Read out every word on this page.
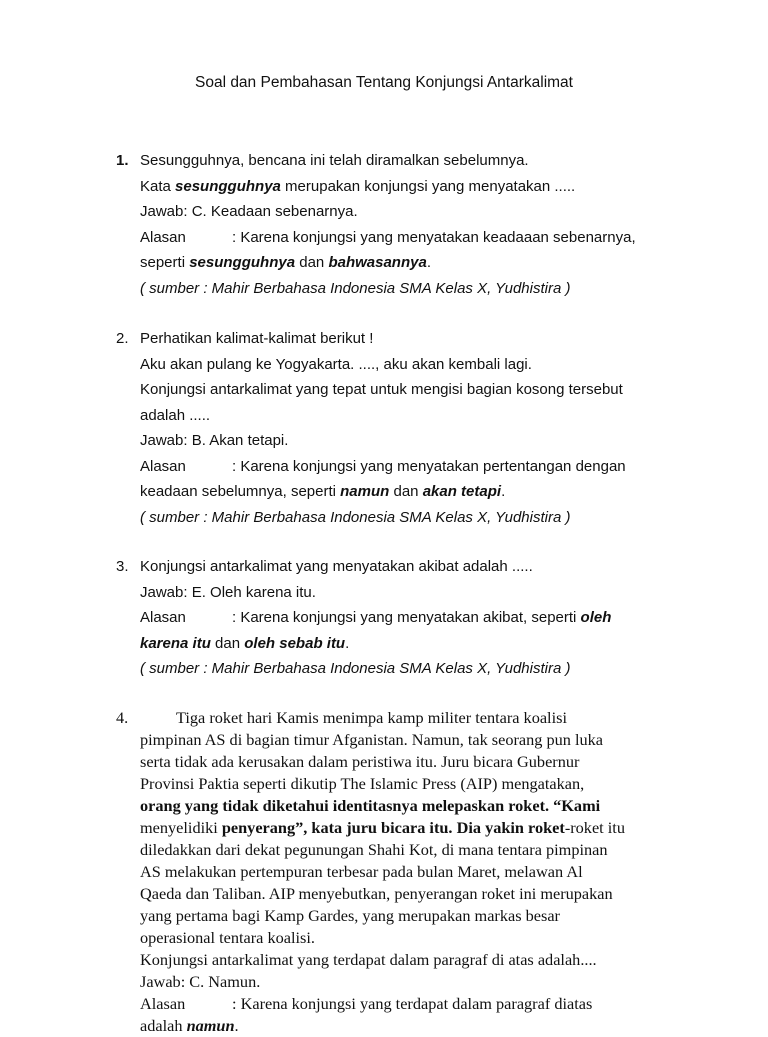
Soal dan Pembahasan Tentang Konjungsi Antarkalimat
1. Sesungguhnya, bencana ini telah diramalkan sebelumnya.
Kata sesungguhnya merupakan konjungsi yang menyatakan .....
Jawab: C. Keadaan sebenarnya.
Alasan	: Karena konjungsi yang menyatakan keadaaan sebenarnya,
seperti sesungguhnya dan bahwasannya.
( sumber : Mahir Berbahasa Indonesia SMA Kelas X, Yudhistira )
2. Perhatikan kalimat-kalimat berikut !
Aku akan pulang ke Yogyakarta. ...., aku akan kembali lagi.
Konjungsi antarkalimat yang tepat untuk mengisi bagian kosong tersebut
adalah .....
Jawab: B. Akan tetapi.
Alasan	: Karena konjungsi yang menyatakan pertentangan dengan
keadaan sebelumnya, seperti namun dan akan tetapi.
( sumber : Mahir Berbahasa Indonesia SMA Kelas X, Yudhistira )
3. Konjungsi antarkalimat yang menyatakan akibat adalah .....
Jawab: E. Oleh karena itu.
Alasan	: Karena konjungsi yang menyatakan akibat, seperti oleh
karena itu dan oleh sebab itu.
( sumber : Mahir Berbahasa Indonesia SMA Kelas X, Yudhistira )
4.	Tiga roket hari Kamis menimpa kamp militer tentara koalisi
pimpinan AS di bagian timur Afganistan. Namun, tak seorang pun luka
serta tidak ada kerusakan dalam peristiwa itu. Juru bicara Gubernur
Provinsi Paktia seperti dikutip The Islamic Press (AIP) mengatakan,
orang yang tidak diketahui identitasnya melepaskan roket. “Kami
menyelidiki penyerang”, kata juru bicara itu. Dia yakin roket-roket itu
diledakkan dari dekat pegunungan Shahi Kot, di mana tentara pimpinan
AS melakukan pertempuran terbesar pada bulan Maret, melawan Al
Qaeda dan Taliban. AIP menyebutkan, penyerangan roket ini merupakan
yang pertama bagi Kamp Gardes, yang merupakan markas besar
operasional tentara koalisi.
Konjungsi antarkalimat yang terdapat dalam paragraf di atas adalah....
Jawab: C. Namun.
Alasan	: Karena konjungsi yang terdapat dalam paragraf diatas
adalah namun.
